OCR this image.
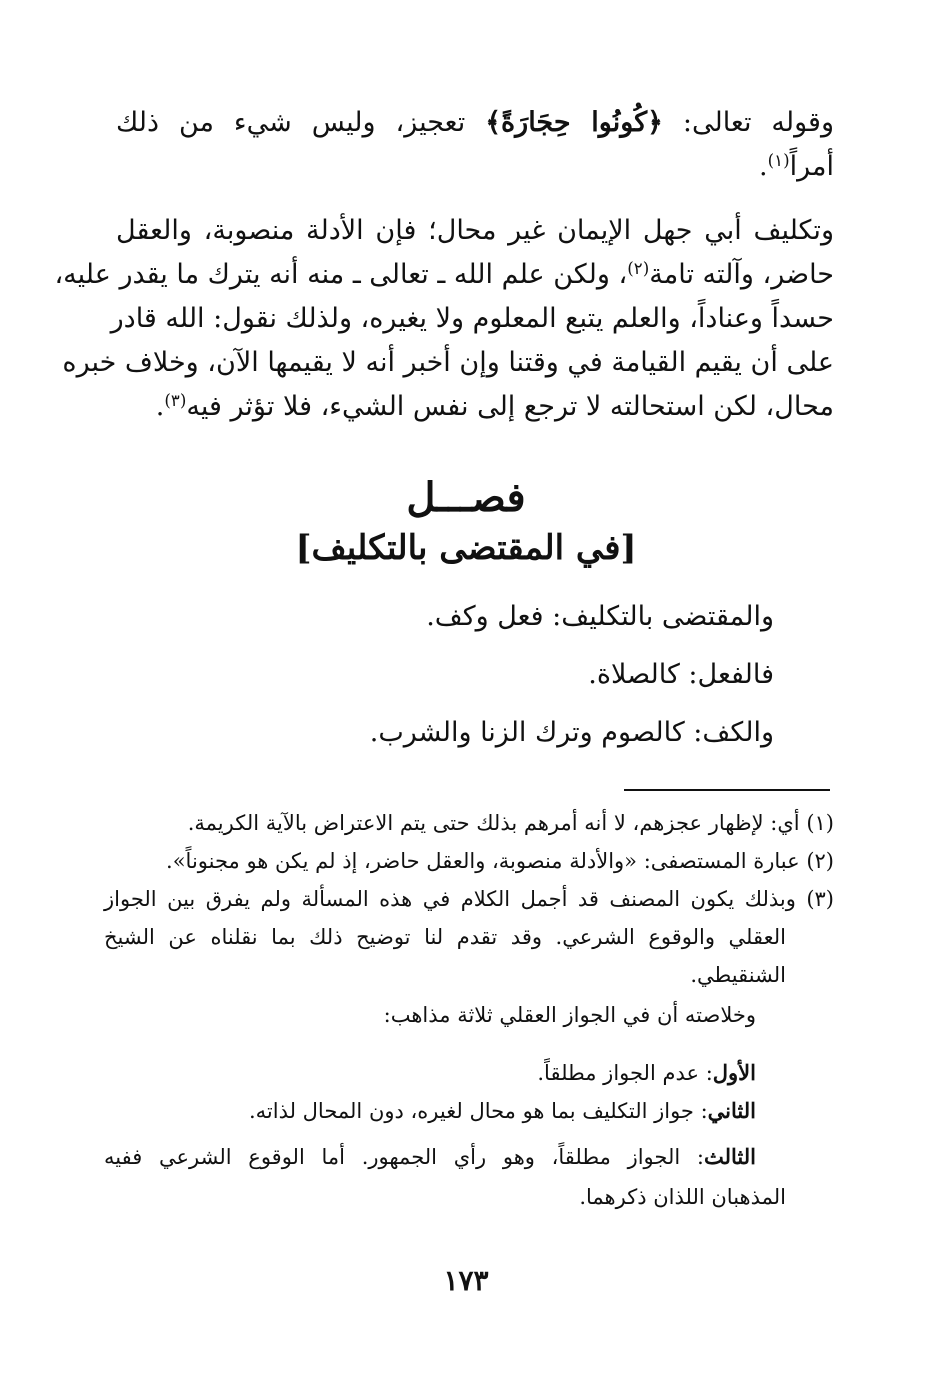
وقوله تعالى: ﴿كُونُوا حِجَارَةً﴾ تعجيز، وليس شيء من ذلك
أمراً$^{(١)}$.
وتكليف أبي جهل الإيمان غير محال؛ فإن الأدلة منصوبة، والعقل
حاضر، وآلته تامة$^{(٢)}$، ولكن علم الله ـ تعالى ـ منه أنه يترك ما يقدر عليه،
حسداً وعناداً، والعلم يتبع المعلوم ولا يغيره، ولذلك نقول: الله قادر
على أن يقيم القيامة في وقتنا وإن أخبر أنه لا يقيمها الآن، وخلاف خبره
محال، لكن استحالته لا ترجع إلى نفس الشيء، فلا تؤثر فيه$^{(٣)}$.
فصـــل
[في المقتضى بالتكليف]
والمقتضى بالتكليف: فعل وكف.
فالفعل: كالصلاة.
والكف: كالصوم وترك الزنا والشرب.
(١) أي: لإظهار عجزهم، لا أنه أمرهم بذلك حتى يتم الاعتراض بالآية الكريمة.
(٢) عبارة المستصفى: «والأدلة منصوبة، والعقل حاضر، إذ لم يكن هو مجنوناً».
(٣) وبذلك يكون المصنف قد أجمل الكلام في هذه المسألة ولم يفرق بين الجواز
العقلي والوقوع الشرعي. وقد تقدم لنا توضيح ذلك بما نقلناه عن الشيخ
الشنقيطي.
وخلاصته أن في الجواز العقلي ثلاثة مذاهب:
الأول: عدم الجواز مطلقاً.
الثاني: جواز التكليف بما هو محال لغيره، دون المحال لذاته.
الثالث: الجواز مطلقاً، وهو رأي الجمهور. أما الوقوع الشرعي ففيه
المذهبان اللذان ذكرهما.
١٧٣
